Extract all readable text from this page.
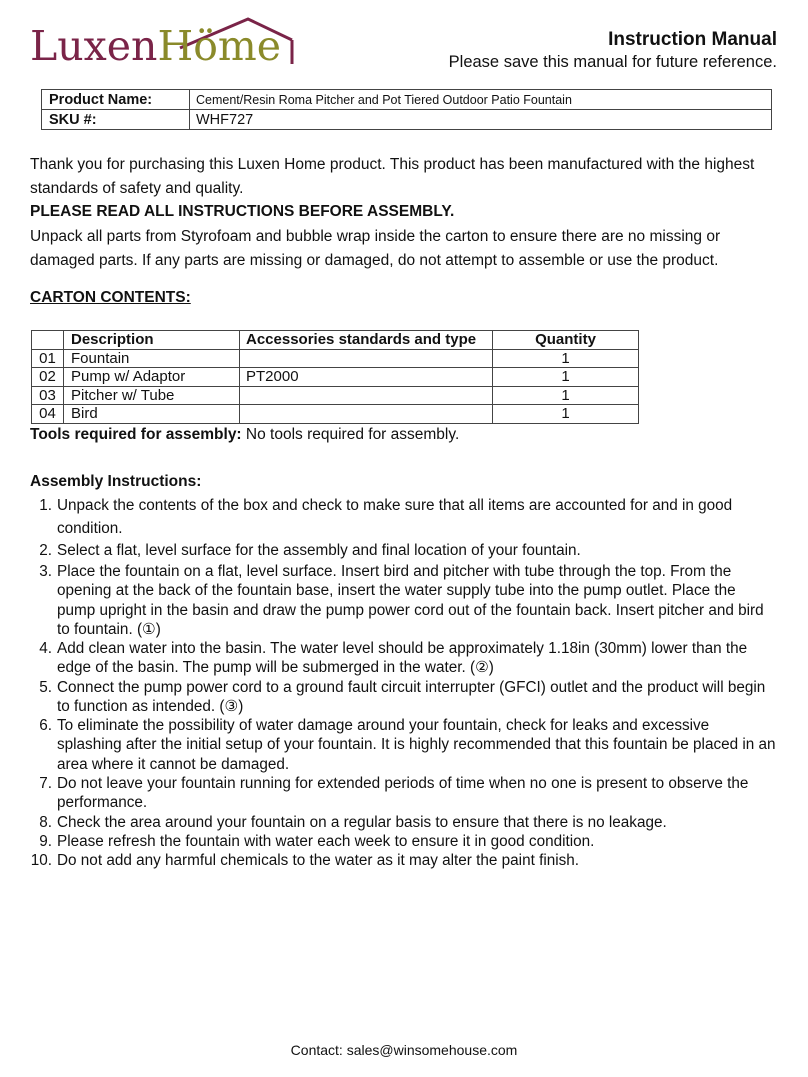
LuxenHöme	Instruction Manual
Please save this manual for future reference.
Product Name:	Cement/Resin Roma Pitcher and Pot Tiered Outdoor Patio Fountain
SKU #:	WHF727
Thank you for purchasing this Luxen Home product. This product has been manufactured with the highest standards of safety and quality.
PLEASE READ ALL INSTRUCTIONS BEFORE ASSEMBLY.
Unpack all parts from Styrofoam and bubble wrap inside the carton to ensure there are no missing or damaged parts. If any parts are missing or damaged, do not attempt to assemble or use the product.
CARTON CONTENTS:
	Description	Accessories standards and type	Quantity
01	Fountain		1
02	Pump w/ Adaptor	PT2000	1
03	Pitcher w/ Tube		1
04	Bird		1
Tools required for assembly: No tools required for assembly.
Assembly Instructions:
1. Unpack the contents of the box and check to make sure that all items are accounted for and in good condition.
2. Select a flat, level surface for the assembly and final location of your fountain.
3. Place the fountain on a flat, level surface. Insert bird and pitcher with tube through the top. From the opening at the back of the fountain base, insert the water supply tube into the pump outlet. Place the pump upright in the basin and draw the pump power cord out of the fountain back. Insert pitcher and bird to fountain. (①)
4. Add clean water into the basin. The water level should be approximately 1.18in (30mm) lower than the edge of the basin. The pump will be submerged in the water. (②)
5. Connect the pump power cord to a ground fault circuit interrupter (GFCI) outlet and the product will begin to function as intended. (③)
6. To eliminate the possibility of water damage around your fountain, check for leaks and excessive splashing after the initial setup of your fountain. It is highly recommended that this fountain be placed in an area where it cannot be damaged.
7. Do not leave your fountain running for extended periods of time when no one is present to observe the performance.
8. Check the area around your fountain on a regular basis to ensure that there is no leakage.
9. Please refresh the fountain with water each week to ensure it in good condition.
10. Do not add any harmful chemicals to the water as it may alter the paint finish.
Contact: sales@winsomehouse.com
